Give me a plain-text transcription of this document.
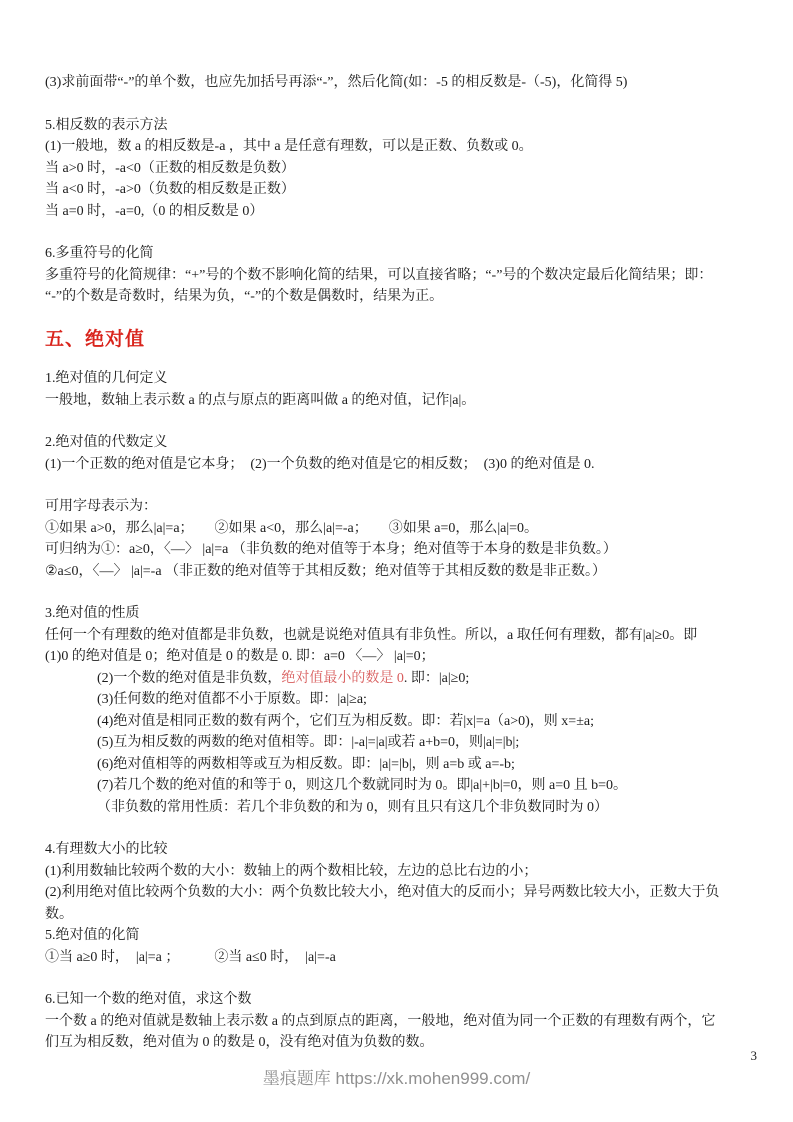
(3)求前面带“-”的单个数，也应先加括号再添“-”，然后化简(如：-5 的相反数是-（-5)，化简得 5)
5.相反数的表示方法
(1)一般地，数 a 的相反数是-a ，其中 a 是任意有理数，可以是正数、负数或 0。
当 a>0 时，-a<0（正数的相反数是负数）
当 a<0 时，-a>0（负数的相反数是正数）
当 a=0 时，-a=0,（0 的相反数是 0）
6.多重符号的化简
多重符号的化简规律：“+”号的个数不影响化简的结果，可以直接省略；“-”号的个数决定最后化简结果；即：
“-”的个数是奇数时，结果为负，“-”的个数是偶数时，结果为正。
五、绝对值
1.绝对值的几何定义
一般地，数轴上表示数 a 的点与原点的距离叫做 a 的绝对值，记作|a|。
2.绝对值的代数定义
(1)一个正数的绝对值是它本身；　(2)一个负数的绝对值是它的相反数；　(3)0 的绝对值是 0.
可用字母表示为：
①如果 a>0，那么|a|=a；　　②如果 a<0，那么|a|=-a；　　③如果 a=0，那么|a|=0。
可归纳为①：a≥0，〈—〉 |a|=a （非负数的绝对值等于本身；绝对值等于本身的数是非负数。）
②a≤0，〈—〉 |a|=-a （非正数的绝对值等于其相反数；绝对值等于其相反数的数是非正数。）
3.绝对值的性质
任何一个有理数的绝对值都是非负数，也就是说绝对值具有非负性。所以，a 取任何有理数，都有|a|≥0。即
(1)0 的绝对值是 0；绝对值是 0 的数是 0. 即：a=0 〈—〉 |a|=0；
(2)一个数的绝对值是非负数，绝对值最小的数是 0. 即：|a|≥0;
(3)任何数的绝对值都不小于原数。即：|a|≥a;
(4)绝对值是相同正数的数有两个，它们互为相反数。即：若|x|=a（a>0)，则 x=±a;
(5)互为相反数的两数的绝对值相等。即：|-a|=|a|或若 a+b=0，则|a|=|b|;
(6)绝对值相等的两数相等或互为相反数。即：|a|=|b|，则 a=b 或 a=-b;
(7)若几个数的绝对值的和等于 0，则这几个数就同时为 0。即|a|+|b|=0，则 a=0 且 b=0。
（非负数的常用性质：若几个非负数的和为 0，则有且只有这几个非负数同时为 0）
4.有理数大小的比较
(1)利用数轴比较两个数的大小：数轴上的两个数相比较，左边的总比右边的小；
(2)利用绝对值比较两个负数的大小：两个负数比较大小，绝对值大的反而小；异号两数比较大小，正数大于负
数。
5.绝对值的化简
①当 a≥0 时，　|a|=a ；　　　②当 a≤0 时，　|a|=-a
6.已知一个数的绝对值，求这个数
一个数 a 的绝对值就是数轴上表示数 a 的点到原点的距离，一般地，绝对值为同一个正数的有理数有两个，它
们互为相反数，绝对值为 0 的数是 0，没有绝对值为负数的数。
3
墨痕题库 https://xk.mohen999.com/
